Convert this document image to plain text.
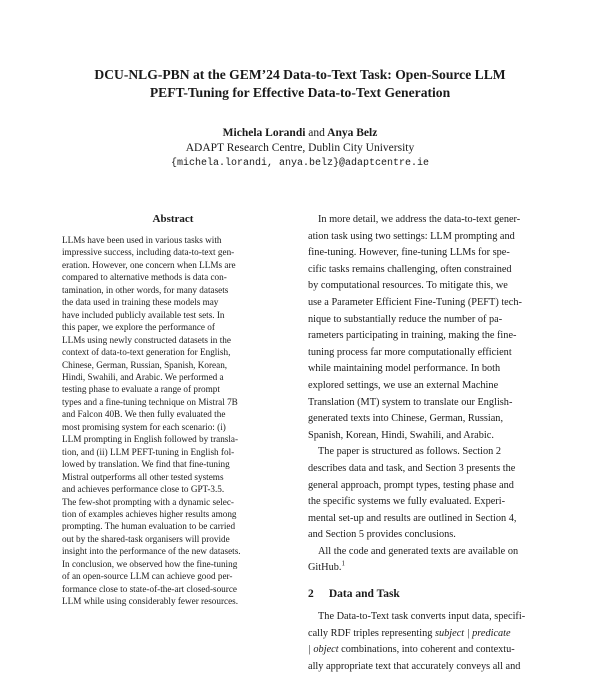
DCU-NLG-PBN at the GEM’24 Data-to-Text Task: Open-Source LLM
PEFT-Tuning for Effective Data-to-Text Generation
Michela Lorandi and Anya Belz
ADAPT Research Centre, Dublin City University
{michela.lorandi, anya.belz}@adaptcentre.ie
Abstract
LLMs have been used in various tasks with
impressive success, including data-to-text gen-
eration. However, one concern when LLMs are
compared to alternative methods is data con-
tamination, in other words, for many datasets
the data used in training these models may
have included publicly available test sets. In
this paper, we explore the performance of
LLMs using newly constructed datasets in the
context of data-to-text generation for English,
Chinese, German, Russian, Spanish, Korean,
Hindi, Swahili, and Arabic. We performed a
testing phase to evaluate a range of prompt
types and a fine-tuning technique on Mistral 7B
and Falcon 40B. We then fully evaluated the
most promising system for each scenario: (i)
LLM prompting in English followed by transla-
tion, and (ii) LLM PEFT-tuning in English fol-
lowed by translation. We find that fine-tuning
Mistral outperforms all other tested systems
and achieves performance close to GPT-3.5.
The few-shot prompting with a dynamic selec-
tion of examples achieves higher results among
prompting. The human evaluation to be carried
out by the shared-task organisers will provide
insight into the performance of the new datasets.
In conclusion, we observed how the fine-tuning
of an open-source LLM can achieve good per-
formance close to state-of-the-art closed-source
LLM while using considerably fewer resources.
In more detail, we address the data-to-text gener-
ation task using two settings: LLM prompting and
fine-tuning. However, fine-tuning LLMs for spe-
cific tasks remains challenging, often constrained
by computational resources. To mitigate this, we
use a Parameter Efficient Fine-Tuning (PEFT) tech-
nique to substantially reduce the number of pa-
rameters participating in training, making the fine-
tuning process far more computationally efficient
while maintaining model performance. In both
explored settings, we use an external Machine
Translation (MT) system to translate our English-
generated texts into Chinese, German, Russian,
Spanish, Korean, Hindi, Swahili, and Arabic.
The paper is structured as follows. Section 2
describes data and task, and Section 3 presents the
general approach, prompt types, testing phase and
the specific systems we fully evaluated. Experi-
mental set-up and results are outlined in Section 4,
and Section 5 provides conclusions.
All the code and generated texts are available on
GitHub.$^1$
2 Data and Task
The Data-to-Text task converts input data, specifi-
cally RDF triples representing subject | predicate
| object combinations, into coherent and contextu-
ally appropriate text that accurately conveys all and
